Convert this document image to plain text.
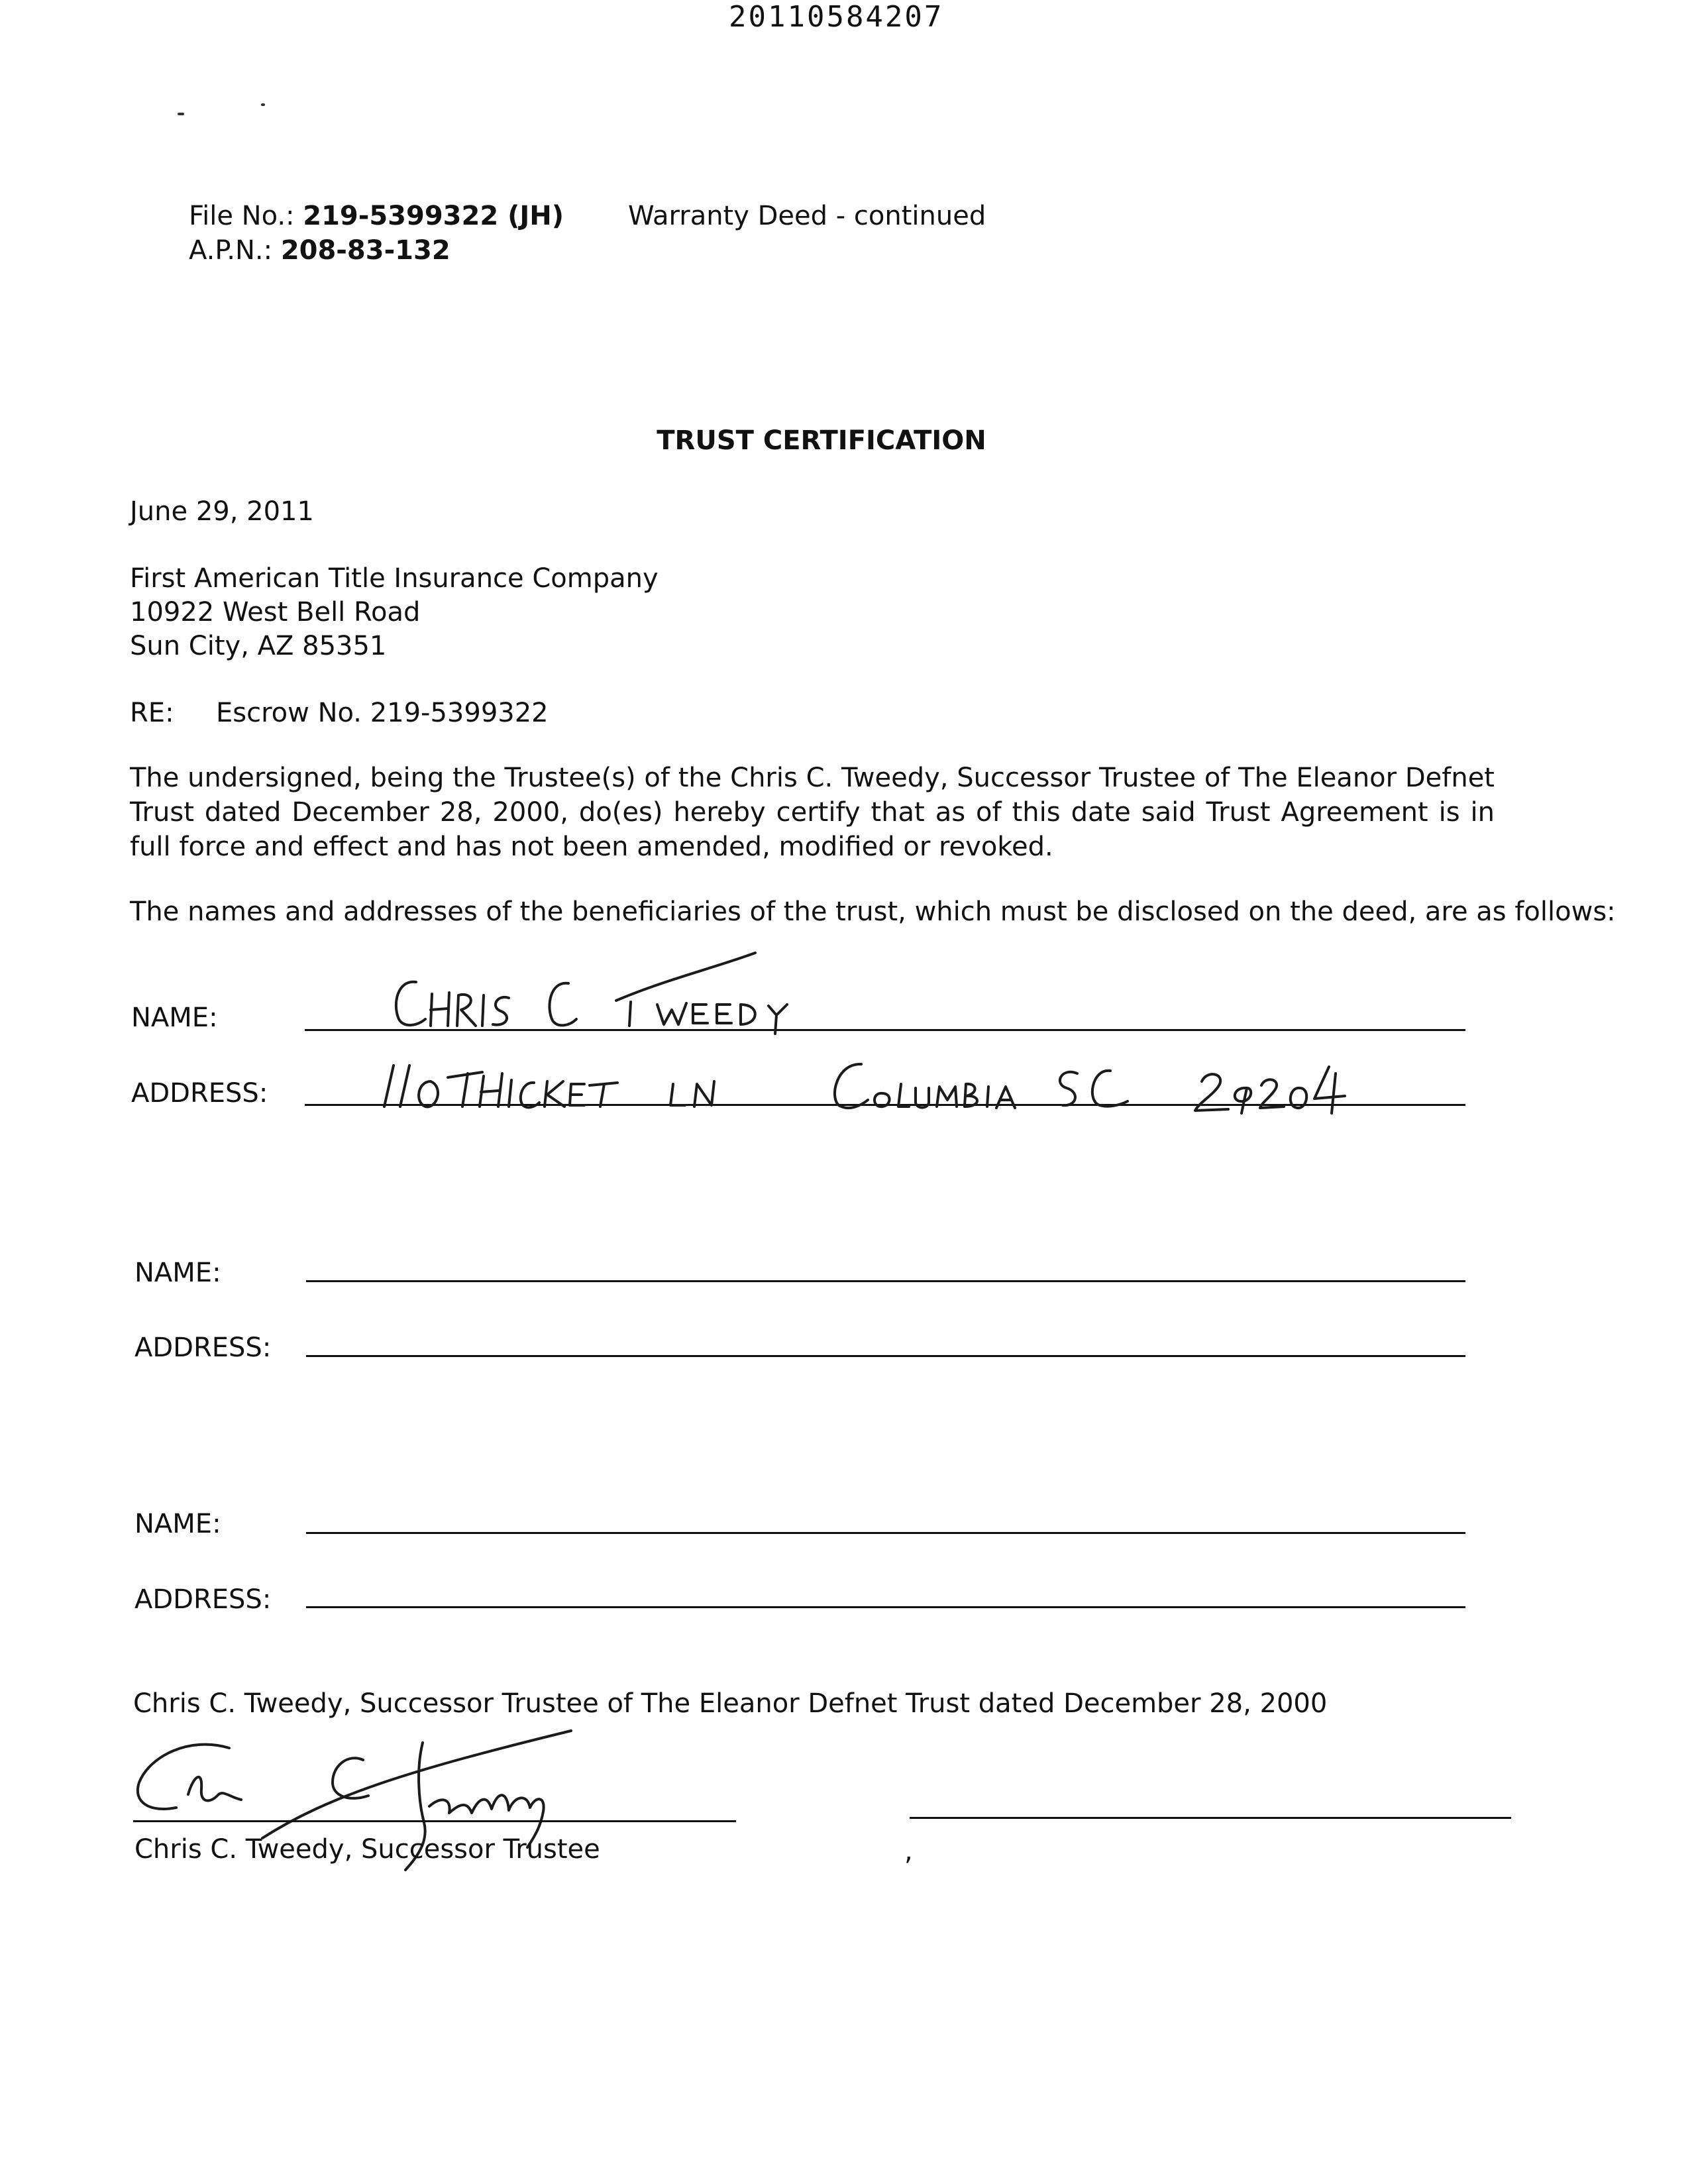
20110584207
File No.: 219-5399322 (JH)
A.P.N.: 208-83-132
Warranty Deed - continued
TRUST CERTIFICATION
June 29, 2011
First American Title Insurance Company
10922 West Bell Road
Sun City, AZ 85351
RE: Escrow No. 219-5399322
The undersigned, being the Trustee(s) of the Chris C. Tweedy, Successor Trustee of The Eleanor Defnet Trust dated December 28, 2000, do(es) hereby certify that as of this date said Trust Agreement is in full force and effect and has not been amended, modified or revoked.
The names and addresses of the beneficiaries of the trust, which must be disclosed on the deed, are as follows:
NAME:
ADDRESS:
NAME:
ADDRESS:
NAME:
ADDRESS:
Chris C. Tweedy, Successor Trustee of The Eleanor Defnet Trust dated December 28, 2000
Chris C. Tweedy, Successor Trustee	,
